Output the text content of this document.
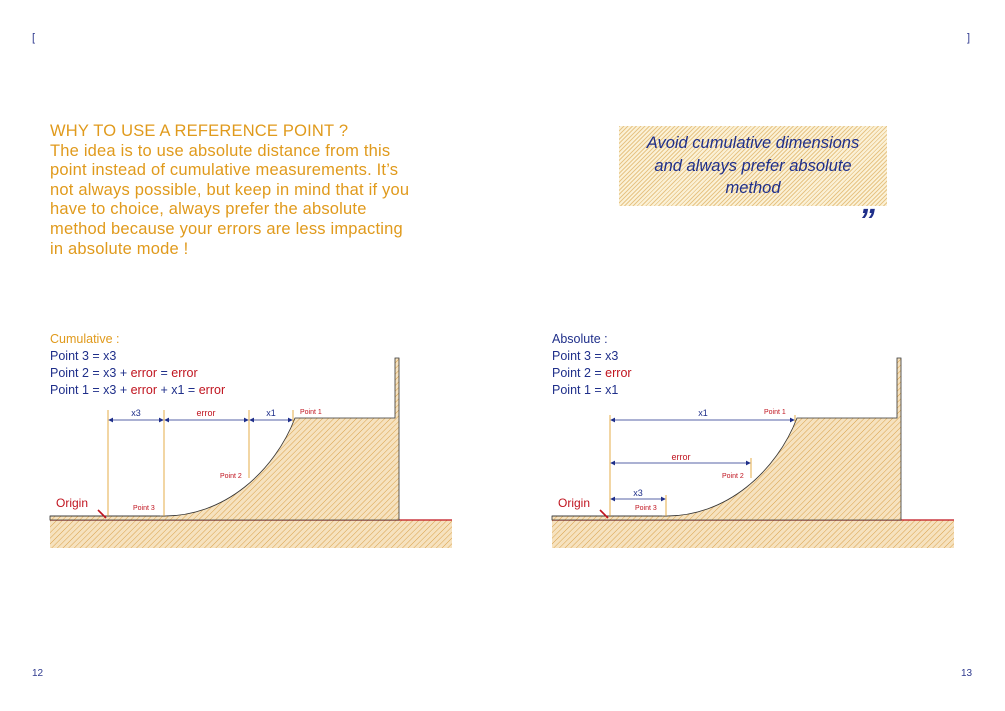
[	]
12	13
WHY TO USE A REFERENCE POINT ?
The idea is to use absolute distance from this
point instead of cumulative measurements. It’s
not always possible, but keep in mind that if you
have to choice, always prefer the absolute
method because your errors are less impacting
in absolute mode !
Avoid cumulative dimensions
and always prefer absolute
method	„
Cumulative :
Point 3 = x3
Point 2 = x3 + error = error
Point 1 = x3 + error + x1 = error
Absolute :
Point 3 = x3
Point 2 = error
Point 1 = x1
x3	error	x1	Point 1
Point 2
Point 3
Origin
x1
error
x3
Point 1
Point 2
Point 3
Origin
